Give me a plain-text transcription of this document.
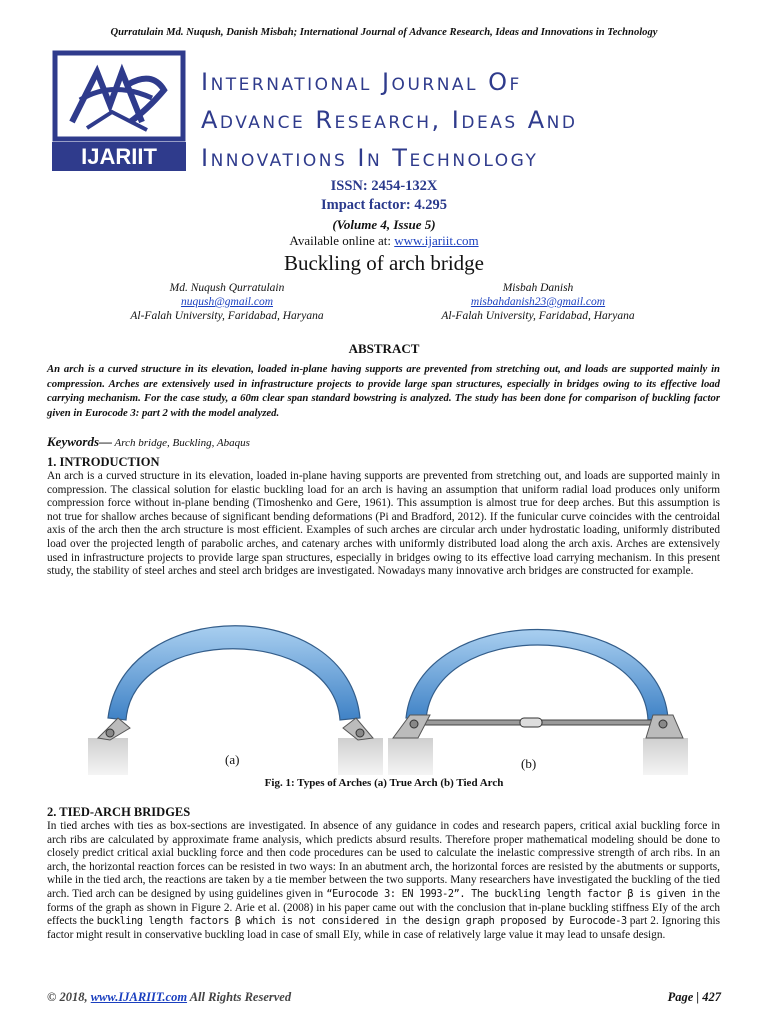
Qurratulain Md. Nuqush, Danish Misbah; International Journal of Advance Research, Ideas and Innovations in Technology
IJARIIT
International Journal Of
Advance Research, Ideas And
Innovations In Technology
ISSN: 2454-132X
Impact factor: 4.295
(Volume 4, Issue 5)
Available online at: www.ijariit.com
Buckling of arch bridge
Md. Nuqush Qurratulain
nuqush@gmail.com
Al-Falah University, Faridabad, Haryana
Misbah Danish
misbahdanish23@gmail.com
Al-Falah University, Faridabad, Haryana
ABSTRACT
An arch is a curved structure in its elevation, loaded in-plane having supports are prevented from stretching out, and loads are supported mainly in compression. Arches are extensively used in infrastructure projects to provide large span structures, especially in bridges owing to its effective load carrying mechanism. For the case study, a 60m clear span standard bowstring is analyzed. The study has been done for comparison of buckling factor given in Eurocode 3: part 2 with the model analyzed.
Keywords— Arch bridge, Buckling, Abaqus
1. INTRODUCTION
An arch is a curved structure in its elevation, loaded in-plane having supports are prevented from stretching out, and loads are supported mainly in compression. The classical solution for elastic buckling load for an arch is having an assumption that uniform radial load produces only uniform compression force without in-plane bending (Timoshenko and Gere, 1961). This assumption is almost true for deep arches. But this assumption is not true for shallow arches because of significant bending deformations (Pi and Bradford, 2012). If the funicular curve coincides with the centroidal axis of the arch then the arch structure is most efficient. Examples of such arches are circular arch under hydrostatic loading, uniformly distributed load over the projected length of parabolic arches, and catenary arches with uniformly distributed load along the arch axis. Arches are extensively used in infrastructure projects to provide large span structures, especially in bridges owing to its effective load carrying mechanism. In this present study, the stability of steel arches and steel arch bridges are investigated. Nowadays many innovative arch bridges are constructed for example.
(a)	(b)
Fig. 1: Types of Arches (a) True Arch (b) Tied Arch
2. TIED-ARCH BRIDGES
In tied arches with ties as box-sections are investigated. In absence of any guidance in codes and research papers, critical axial buckling force in arch ribs are calculated by approximate frame analysis, which predicts absurd results. Therefore proper mathematical modeling should be done to closely predict critical axial buckling force and then code procedures can be used to calculate the inelastic compressive strength of arch ribs. In an arch, the horizontal reaction forces can be resisted in two ways: In an abutment arch, the horizontal forces are resisted by the abutments or supports, while in the tied arch, the reactions are taken by a tie member between the two supports. Many researchers have investigated the buckling of the tied arch. Tied arch can be designed by using guidelines given in “Eurocode 3: EN 1993-2”. The buckling length factor β is given in the forms of the graph as shown in Figure 2. Arie et al. (2008) in his paper came out with the conclusion that in-plane buckling stiffness EIy of the arch effects the buckling length factors β which is not considered in the design graph proposed by Eurocode-3 part 2. Ignoring this factor might result in conservative buckling load in case of small EIy, while in case of relatively large value it may lead to unsafe design.
© 2018, www.IJARIIT.com All Rights Reserved	Page | 427
